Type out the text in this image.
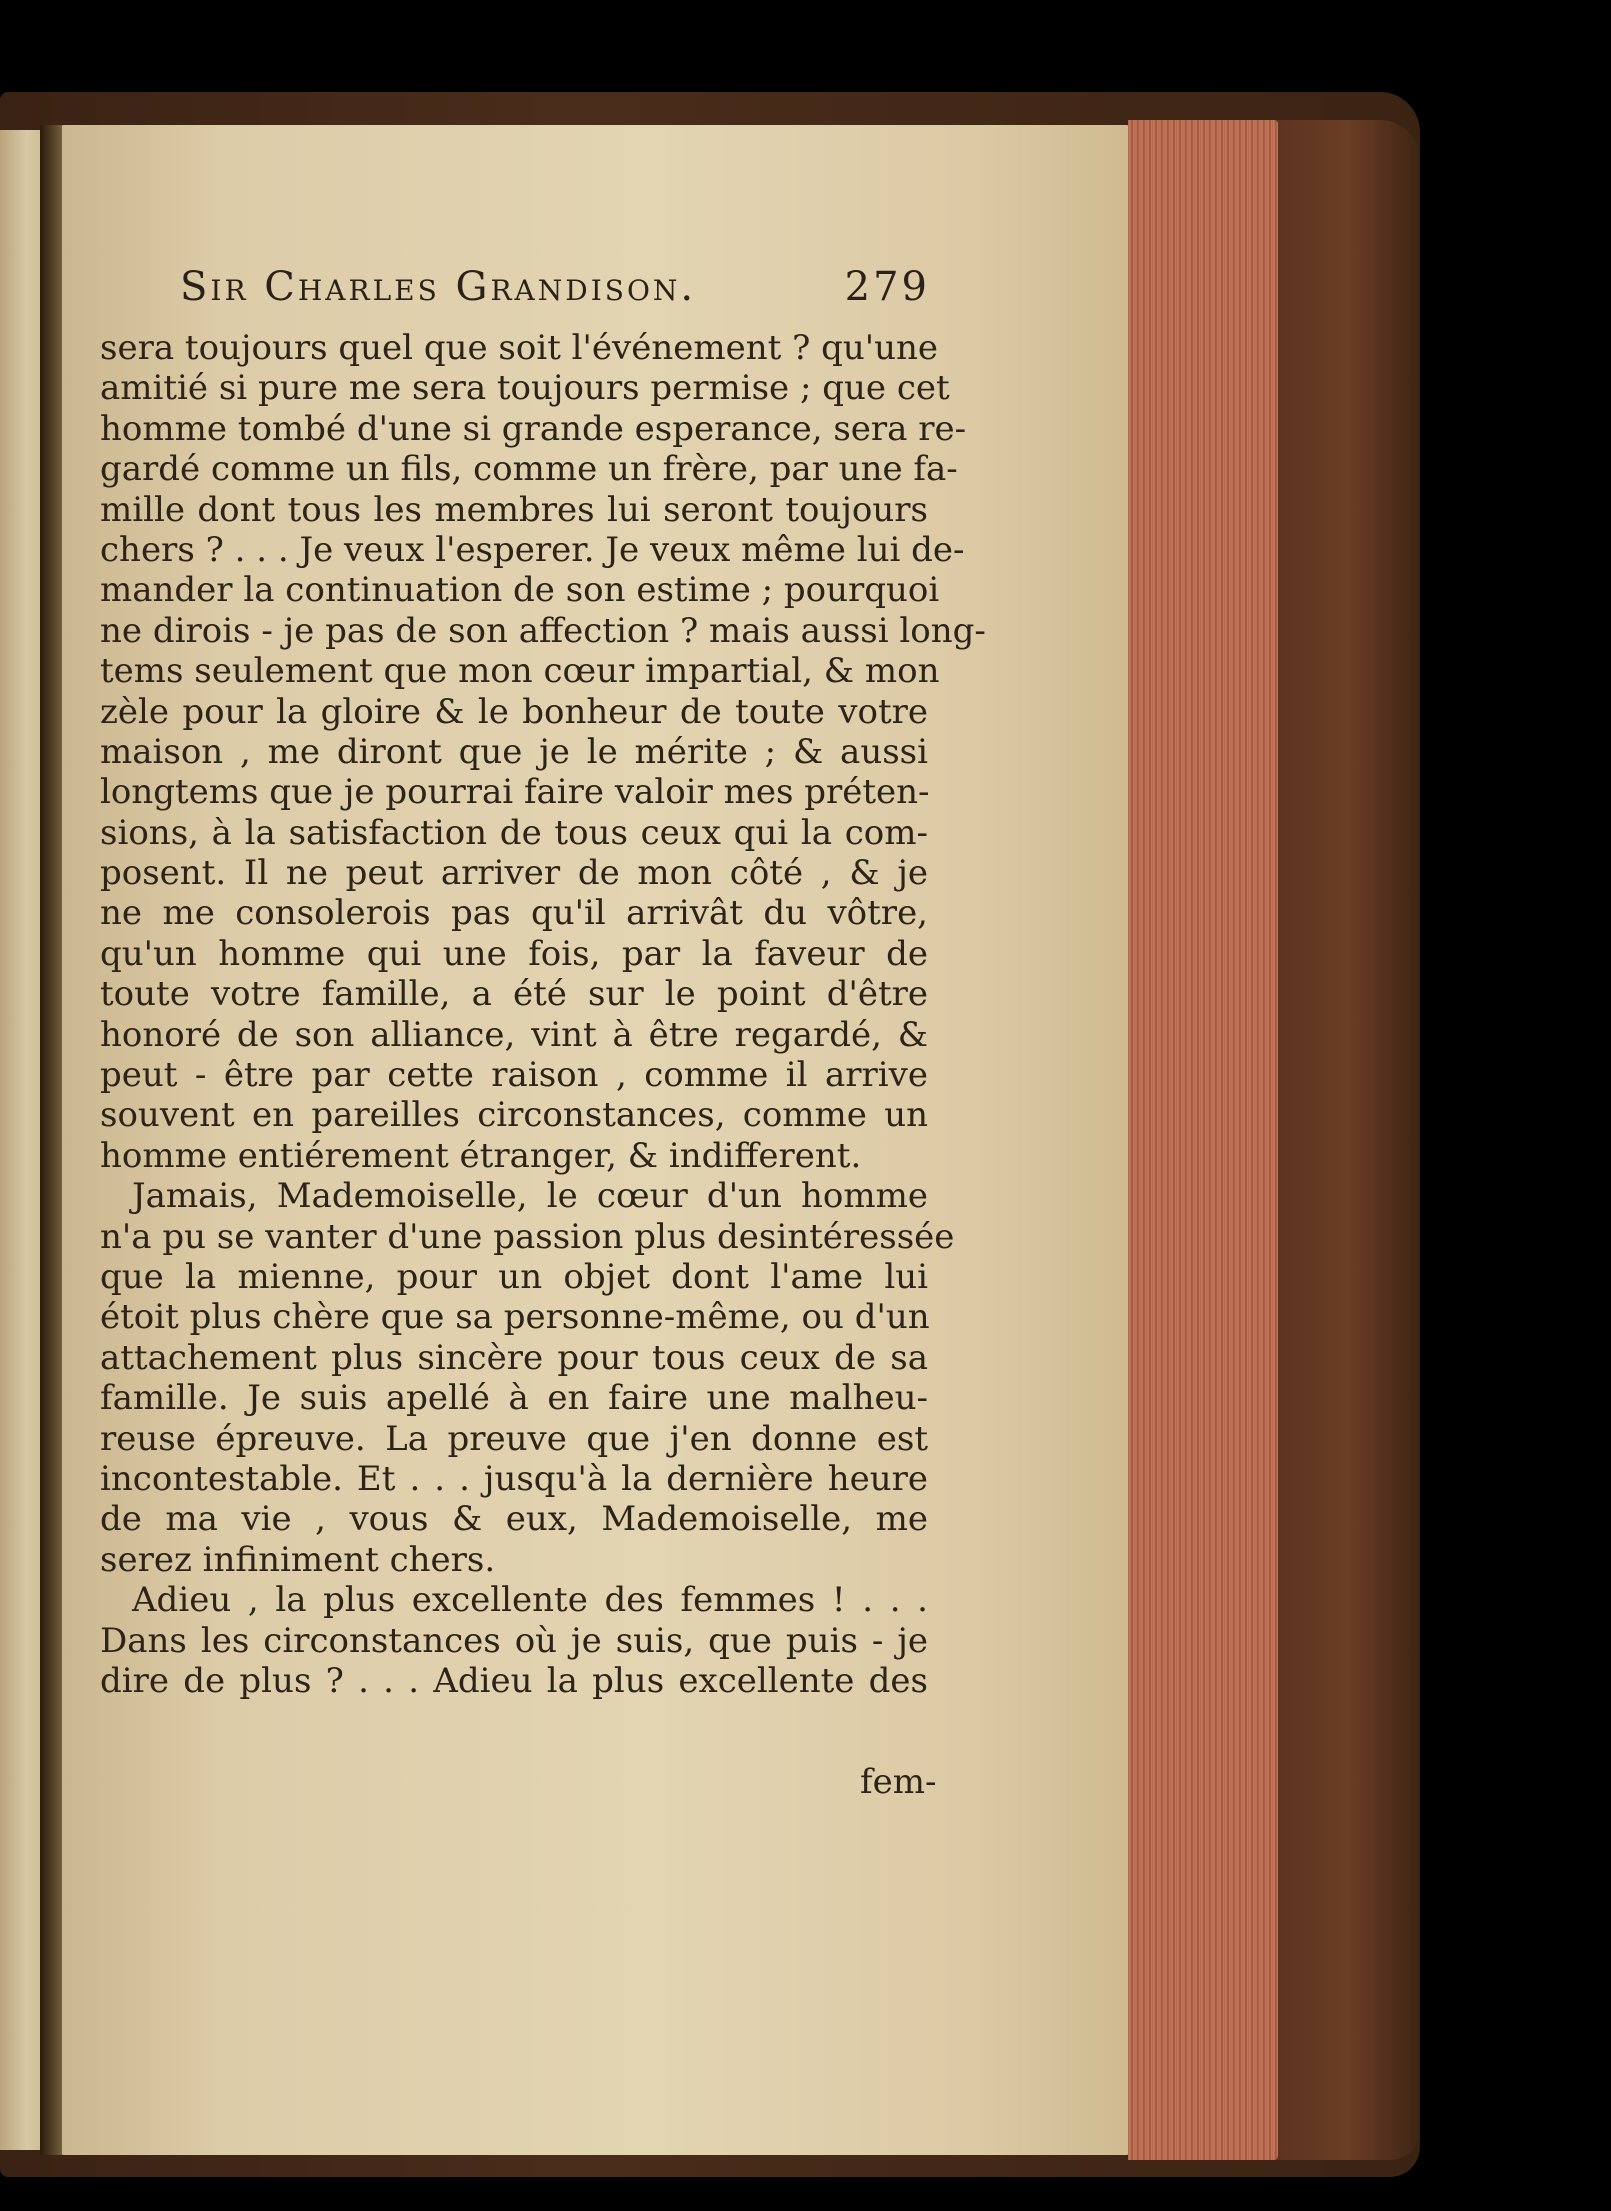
Sir Charles Grandison.	279
sera toujours quel que soit l'événement ? qu'une
amitié si pure me sera toujours permise ; que cet
homme tombé d'une si grande esperance, sera re-
gardé comme un fils, comme un frère, par une fa-
mille dont tous les membres lui seront toujours
chers ? . . . Je veux l'esperer. Je veux même lui de-
mander la continuation de son estime ; pourquoi
ne dirois - je pas de son affection ? mais aussi long-
tems seulement que mon cœur impartial, & mon
zèle pour la gloire & le bonheur de toute votre
maison , me diront que je le mérite ; & aussi
longtems que je pourrai faire valoir mes préten-
sions, à la satisfaction de tous ceux qui la com-
posent. Il ne peut arriver de mon côté , & je
ne me consolerois pas qu'il arrivât du vôtre,
qu'un homme qui une fois, par la faveur de
toute votre famille, a été sur le point d'être
honoré de son alliance, vint à être regardé, &
peut - être par cette raison , comme il arrive
souvent en pareilles circonstances, comme un
homme entiérement étranger, & indifferent.
Jamais, Mademoiselle, le cœur d'un homme
n'a pu se vanter d'une passion plus desintéressée
que la mienne, pour un objet dont l'ame lui
étoit plus chère que sa personne-même, ou d'un
attachement plus sincère pour tous ceux de sa
famille. Je suis apellé à en faire une malheu-
reuse épreuve. La preuve que j'en donne est
incontestable. Et . . . jusqu'à la dernière heure
de ma vie , vous & eux, Mademoiselle, me
serez infiniment chers.
Adieu , la plus excellente des femmes ! . . .
Dans les circonstances où je suis, que puis - je
dire de plus ? . . . Adieu la plus excellente des
fem-
